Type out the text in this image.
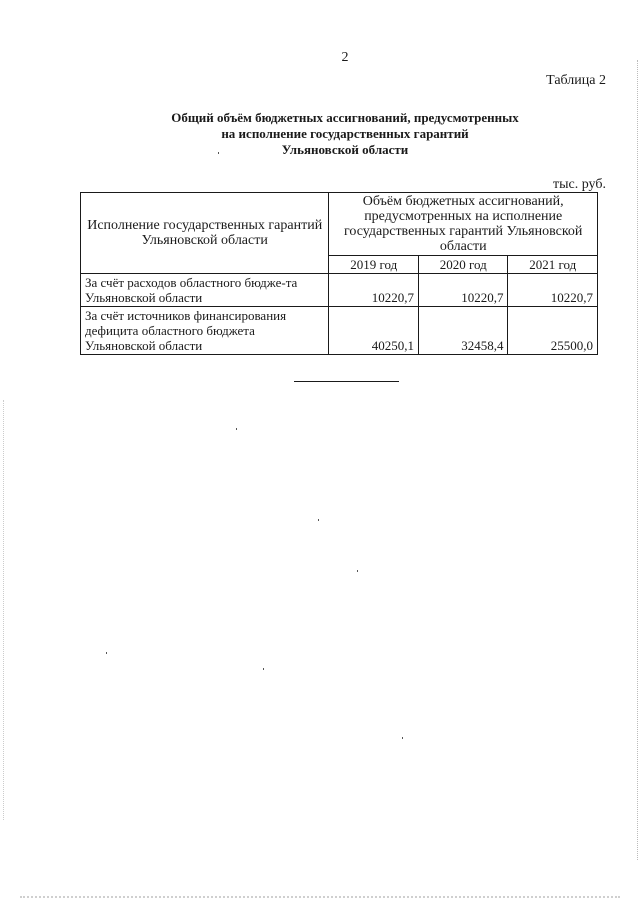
2
Таблица 2
Общий объём бюджетных ассигнований, предусмотренных
на исполнение государственных гарантий
Ульяновской области
тыс. руб.
Исполнение государственных гарантий Ульяновской области	Объём бюджетных ассигнований, предусмотренных на исполнение государственных гарантий Ульяновской области		
	2019 год	2020 год	2021 год
За счёт расходов областного бюдже-та Ульяновской области	10220,7	10220,7	10220,7
За счёт источников финансирования дефицита областного бюджета Ульяновской области	40250,1	32458,4	25500,0
